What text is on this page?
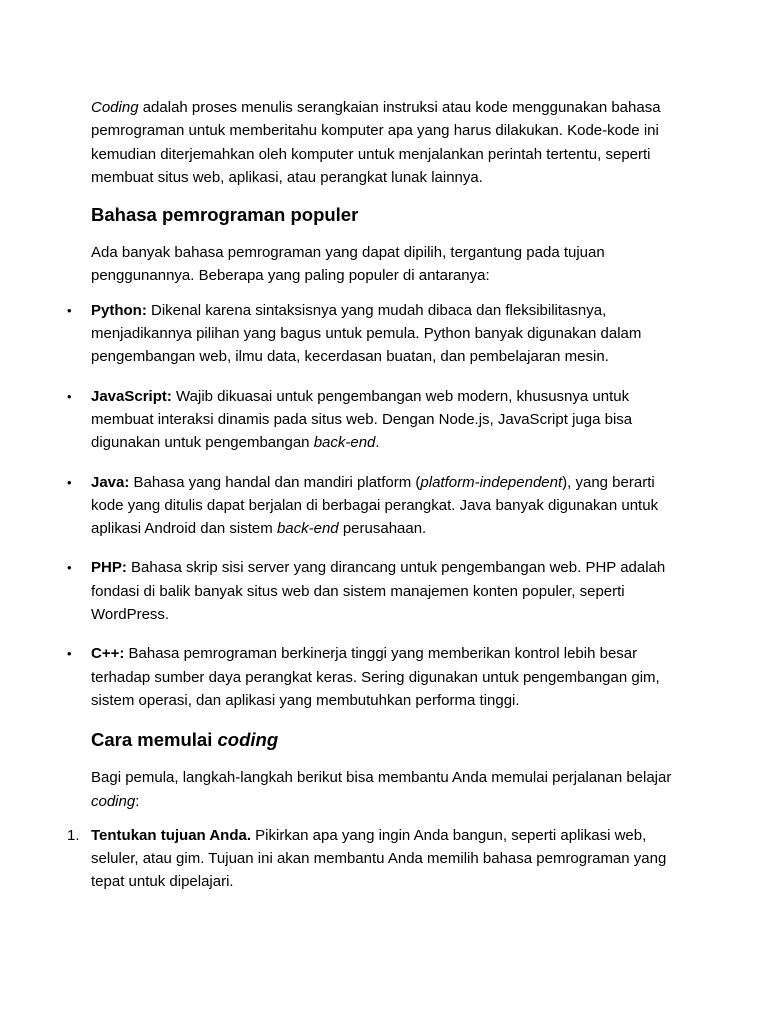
Coding adalah proses menulis serangkaian instruksi atau kode menggunakan bahasa pemrograman untuk memberitahu komputer apa yang harus dilakukan. Kode-kode ini kemudian diterjemahkan oleh komputer untuk menjalankan perintah tertentu, seperti membuat situs web, aplikasi, atau perangkat lunak lainnya.

Bahasa pemrograman populer

Ada banyak bahasa pemrograman yang dapat dipilih, tergantung pada tujuan penggunannya. Beberapa yang paling populer di antaranya:

• Python: Dikenal karena sintaksisnya yang mudah dibaca dan fleksibilitasnya, menjadikannya pilihan yang bagus untuk pemula. Python banyak digunakan dalam pengembangan web, ilmu data, kecerdasan buatan, dan pembelajaran mesin.
• JavaScript: Wajib dikuasai untuk pengembangan web modern, khususnya untuk membuat interaksi dinamis pada situs web. Dengan Node.js, JavaScript juga bisa digunakan untuk pengembangan back-end.
• Java: Bahasa yang handal dan mandiri platform (platform-independent), yang berarti kode yang ditulis dapat berjalan di berbagai perangkat. Java banyak digunakan untuk aplikasi Android dan sistem back-end perusahaan.
• PHP: Bahasa skrip sisi server yang dirancang untuk pengembangan web. PHP adalah fondasi di balik banyak situs web dan sistem manajemen konten populer, seperti WordPress.
• C++: Bahasa pemrograman berkinerja tinggi yang memberikan kontrol lebih besar terhadap sumber daya perangkat keras. Sering digunakan untuk pengembangan gim, sistem operasi, dan aplikasi yang membutuhkan performa tinggi.
Cara memulai coding

Bagi pemula, langkah-langkah berikut bisa membantu Anda memulai perjalanan belajar coding:

1. Tentukan tujuan Anda. Pikirkan apa yang ingin Anda bangun, seperti aplikasi web, seluler, atau gim. Tujuan ini akan membantu Anda memilih bahasa pemrograman yang tepat untuk dipelajari.
